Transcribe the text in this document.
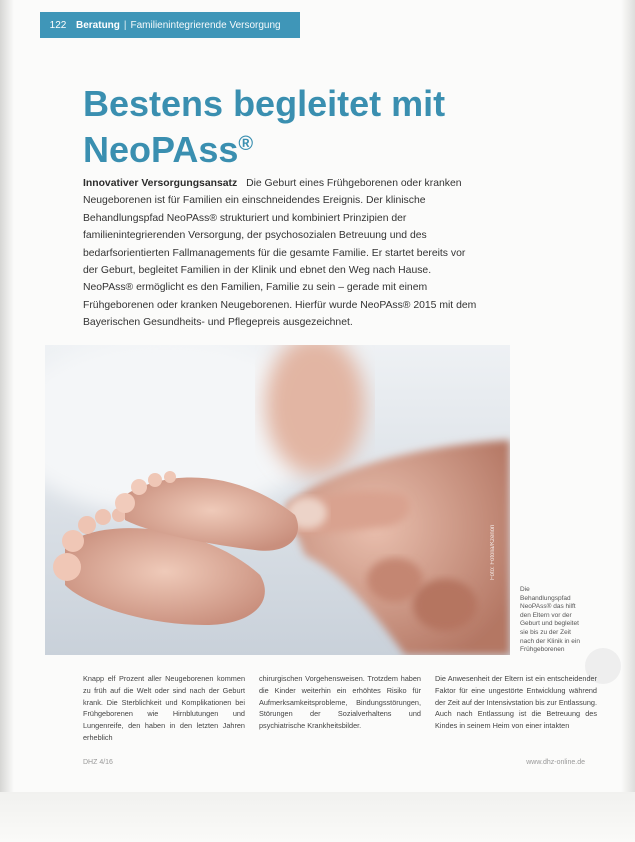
122 Beratung | Familienintegrierende Versorgung
Bestens begleitet mit
NeoPAss®

Innovativer Versorgungsansatz Die Geburt eines Frühgeborenen oder kranken Neugeborenen ist für Familien ein einschneidendes Ereignis. Der klinische Behandlungspfad NeoPAss® strukturiert und kombiniert Prinzipien der familienintegrierenden Versorgung, der psychosozialen Betreuung und des bedarfsorientierten Fallmanagements für die gesamte Familie. Er startet bereits vor der Geburt, begleitet Familien in der Klinik und ebnet den Weg nach Hause. NeoPAss® ermöglicht es den Familien, Familie zu sein – gerade mit einem Frühgeborenen oder kranken Neugeborenen. Hierfür wurde NeoPAss® 2015 mit dem Bayerischen Gesundheits- und Pflegepreis ausgezeichnet.

Foto: Fotolia/Kzenon
Die Behandlungspfad NeoPAss® das hilft den Eltern vor der Geburt und begleitet sie bis zu der Zeit nach der Klinik in ein Frühgeborenen

Knapp elf Prozent aller Neugeborenen kommen zu früh auf die Welt oder sind nach der Geburt krank. Die Sterblichkeit und Komplikationen bei Frühgeborenen wie Hirnblutungen und Lungenreife, den haben in den letzten Jahren erheblich

chirurgischen Vorgehensweisen. Trotzdem haben die Kinder weiterhin ein erhöhtes Risiko für Aufmerksamkeitsprobleme, Bindungsstörungen, Störungen der Sozialverhaltens und psychiatrische Krankheitsbilder.

Die Anwesenheit der Eltern ist ein entscheidender Faktor für eine ungestörte Entwicklung während der Zeit auf der Intensivstation bis zur Entlassung. Auch nach Entlassung ist die Betreuung des Kindes in seinem Heim von einer intakten

DHZ 4/16	www.dhz-online.de
